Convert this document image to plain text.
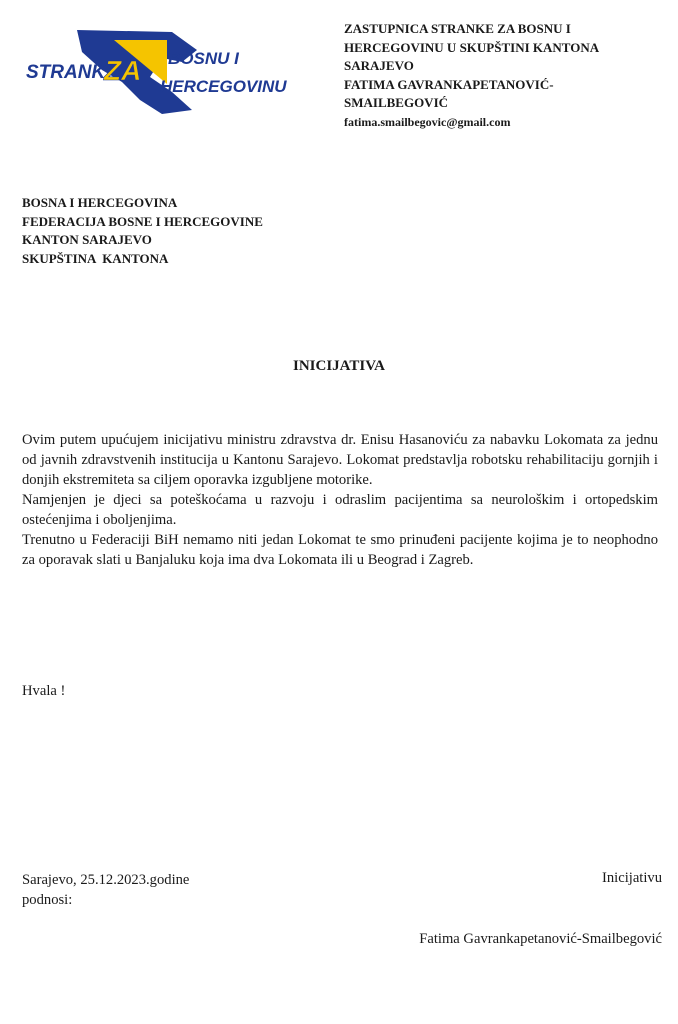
STRANKA
ZA BOSNU I
HERCEGOVINU
ZASTUPNICA STRANKE ZA BOSNU I
HERCEGOVINU U SKUPŠTINI KANTONA
SARAJEVO
FATIMA GAVRANKAPETANOVIĆ-
SMAILBEGOVIĆ
fatima.smailbegovic@gmail.com
BOSNA I HERCEGOVINA
FEDERACIJA BOSNE I HERCEGOVINE
KANTON SARAJEVO
SKUPŠTINA  KANTONA
INICIJATIVA

Ovim putem upućujem inicijativu ministru zdravstva dr. Enisu Hasanoviću za nabavku Lokomata za jednu od javnih zdravstvenih institucija u Kantonu Sarajevo. Lokomat predstavlja robotsku rehabilitaciju gornjih i donjih ekstremiteta sa ciljem oporavka izgubljene motorike.

Namjenjen je djeci sa poteškoćama u razvoju i odraslim pacijentima sa neurološkim i ortopedskim ostećenjima i oboljenjima.

Trenutno u Federaciji BiH nemamo niti jedan Lokomat te smo prinuđeni pacijente kojima je to neophodno za oporavak slati u Banjaluku koja ima dva Lokomata ili u Beograd i Zagreb.

Hvala !
Sarajevo, 25.12.2023.godine
podnosi:
Inicijativu
Fatima Gavrankapetanović-Smailbegović
